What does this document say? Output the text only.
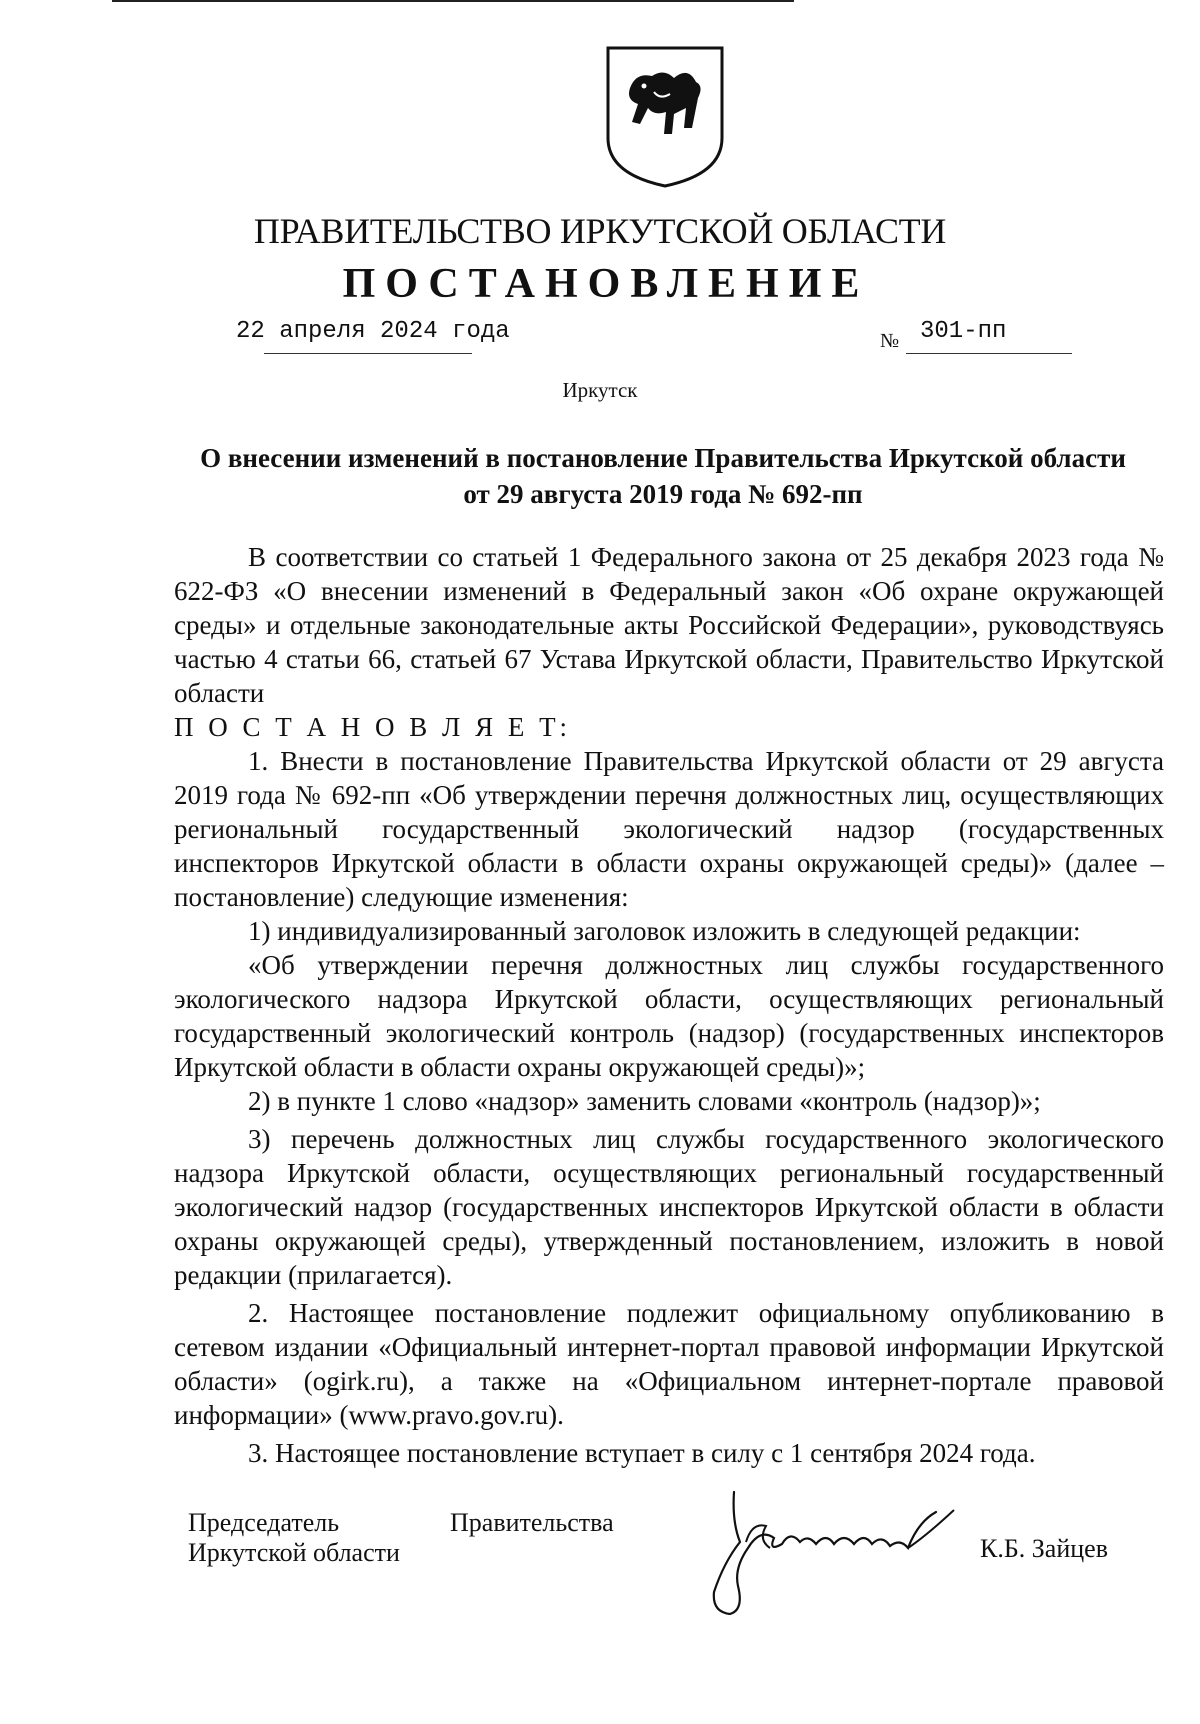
ПРАВИТЕЛЬСТВО ИРКУТСКОЙ ОБЛАСТИ
ПОСТАНОВЛЕНИЕ
22 апреля 2024 года	№ 301-пп
Иркутск
О внесении изменений в постановление Правительства Иркутской области
от 29 августа 2019 года № 692-пп

В соответствии со статьей 1 Федерального закона от 25 декабря 2023 года № 622-ФЗ «О внесении изменений в Федеральный закон «Об охране окружающей среды» и отдельные законодательные акты Российской Федерации», руководствуясь частью 4 статьи 66, статьей 67 Устава Иркутской области, Правительство Иркутской области

П О С Т А Н О В Л Я Е Т:

1. Внести в постановление Правительства Иркутской области от 29 августа 2019 года № 692-пп «Об утверждении перечня должностных лиц, осуществляющих региональный государственный экологический надзор (государственных инспекторов Иркутской области в области охраны окружающей среды)» (далее – постановление) следующие изменения:

1) индивидуализированный заголовок изложить в следующей редакции:

«Об утверждении перечня должностных лиц службы государственного экологического надзора Иркутской области, осуществляющих региональный государственный экологический контроль (надзор) (государственных инспекторов Иркутской области в области охраны окружающей среды)»;

2) в пункте 1 слово «надзор» заменить словами «контроль (надзор)»;

3) перечень должностных лиц службы государственного экологического надзора Иркутской области, осуществляющих региональный государственный экологический надзор (государственных инспекторов Иркутской области в области охраны окружающей среды), утвержденный постановлением, изложить в новой редакции (прилагается).

2. Настоящее постановление подлежит официальному опубликованию в сетевом издании «Официальный интернет-портал правовой информации Иркутской области» (ogirk.ru), а также на «Официальном интернет-портале правовой информации» (www.pravo.gov.ru).

3. Настоящее постановление вступает в силу с 1 сентября 2024 года.

Председатель
Иркутской области
Правительства
К.Б. Зайцев
